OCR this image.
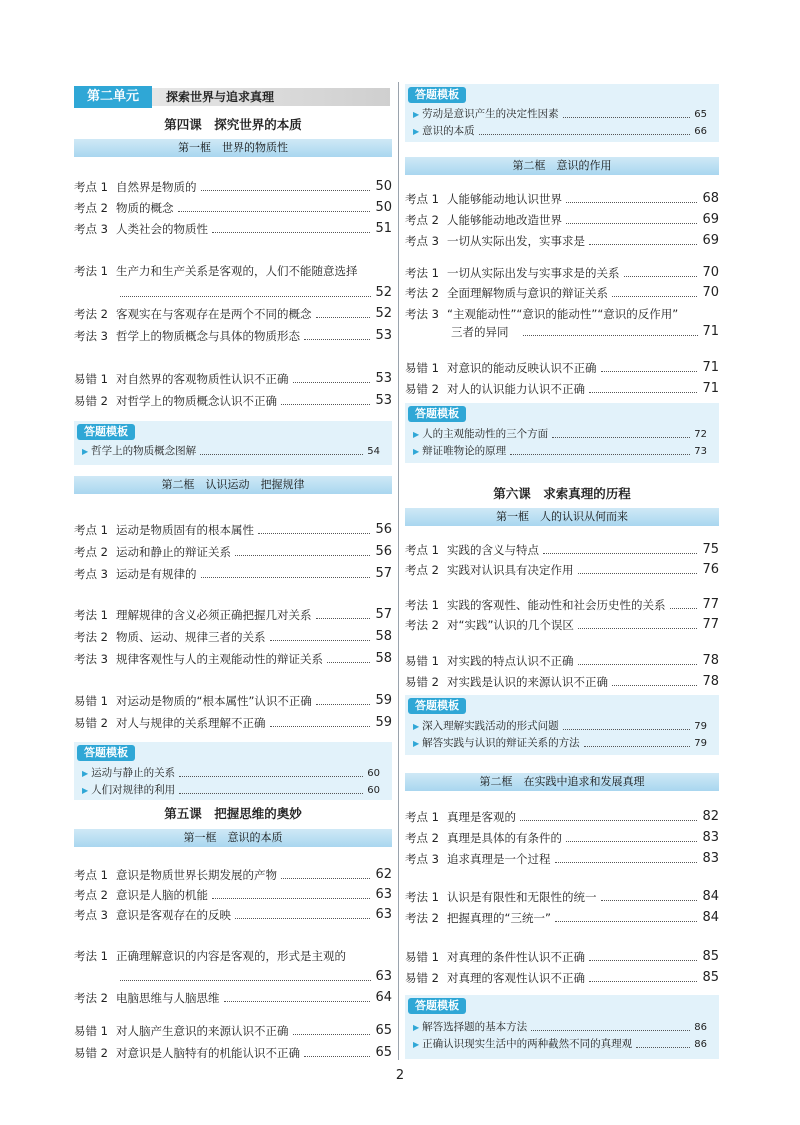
第二单元	探索世界与追求真理
第四课　探究世界的本质
第一框　世界的物质性
考点 1 自然界是物质的	50
考点 2 物质的概念	50
考点 3 人类社会的物质性	51
考法 1 生产力和生产关系是客观的，人们不能随意选择
52
考法 2 客观实在与客观存在是两个不同的概念	52
考法 3 哲学上的物质概念与具体的物质形态	53
易错 1 对自然界的客观物质性认识不正确	53
易错 2 对哲学上的物质概念认识不正确	53
答题模板
▶ 哲学上的物质概念图解	54
第二框　认识运动　把握规律
考点 1 运动是物质固有的根本属性	56
考点 2 运动和静止的辩证关系	56
考点 3 运动是有规律的	57
考法 1 理解规律的含义必须正确把握几对关系	57
考法 2 物质、运动、规律三者的关系	58
考法 3 规律客观性与人的主观能动性的辩证关系	58
易错 1 对运动是物质的“根本属性”认识不正确	59
易错 2 对人与规律的关系理解不正确	59
答题模板
▶ 运动与静止的关系	60
▶ 人们对规律的利用	60
第五课　把握思维的奥妙
第一框　意识的本质
考点 1 意识是物质世界长期发展的产物	62
考点 2 意识是人脑的机能	63
考点 3 意识是客观存在的反映	63
考法 1 正确理解意识的内容是客观的，形式是主观的
63
考法 2 电脑思维与人脑思维	64
易错 1 对人脑产生意识的来源认识不正确	65
易错 2 对意识是人脑特有的机能认识不正确	65
答题模板
▶ 劳动是意识产生的决定性因素	65
▶ 意识的本质	66
第二框　意识的作用
考点 1 人能够能动地认识世界	68
考点 2 人能够能动地改造世界	69
考点 3 一切从实际出发，实事求是	69
考法 1 一切从实际出发与实事求是的关系	70
考法 2 全面理解物质与意识的辩证关系	70
考法 3 “主观能动性”“意识的能动性”“意识的反作用”
三者的异同	71
易错 1 对意识的能动反映认识不正确	71
易错 2 对人的认识能力认识不正确	71
答题模板
▶ 人的主观能动性的三个方面	72
▶ 辩证唯物论的原理	73
第六课　求索真理的历程
第一框　人的认识从何而来
考点 1 实践的含义与特点	75
考点 2 实践对认识具有决定作用	76
考法 1 实践的客观性、能动性和社会历史性的关系	77
考法 2 对“实践”认识的几个误区	77
易错 1 对实践的特点认识不正确	78
易错 2 对实践是认识的来源认识不正确	78
答题模板
▶ 深入理解实践活动的形式问题	79
▶ 解答实践与认识的辩证关系的方法	79
第二框　在实践中追求和发展真理
考点 1 真理是客观的	82
考点 2 真理是具体的有条件的	83
考点 3 追求真理是一个过程	83
考法 1 认识是有限性和无限性的统一	84
考法 2 把握真理的“三统一”	84
易错 1 对真理的条件性认识不正确	85
易错 2 对真理的客观性认识不正确	85
答题模板
▶ 解答选择题的基本方法	86
▶ 正确认识现实生活中的两种截然不同的真理观	86
2
